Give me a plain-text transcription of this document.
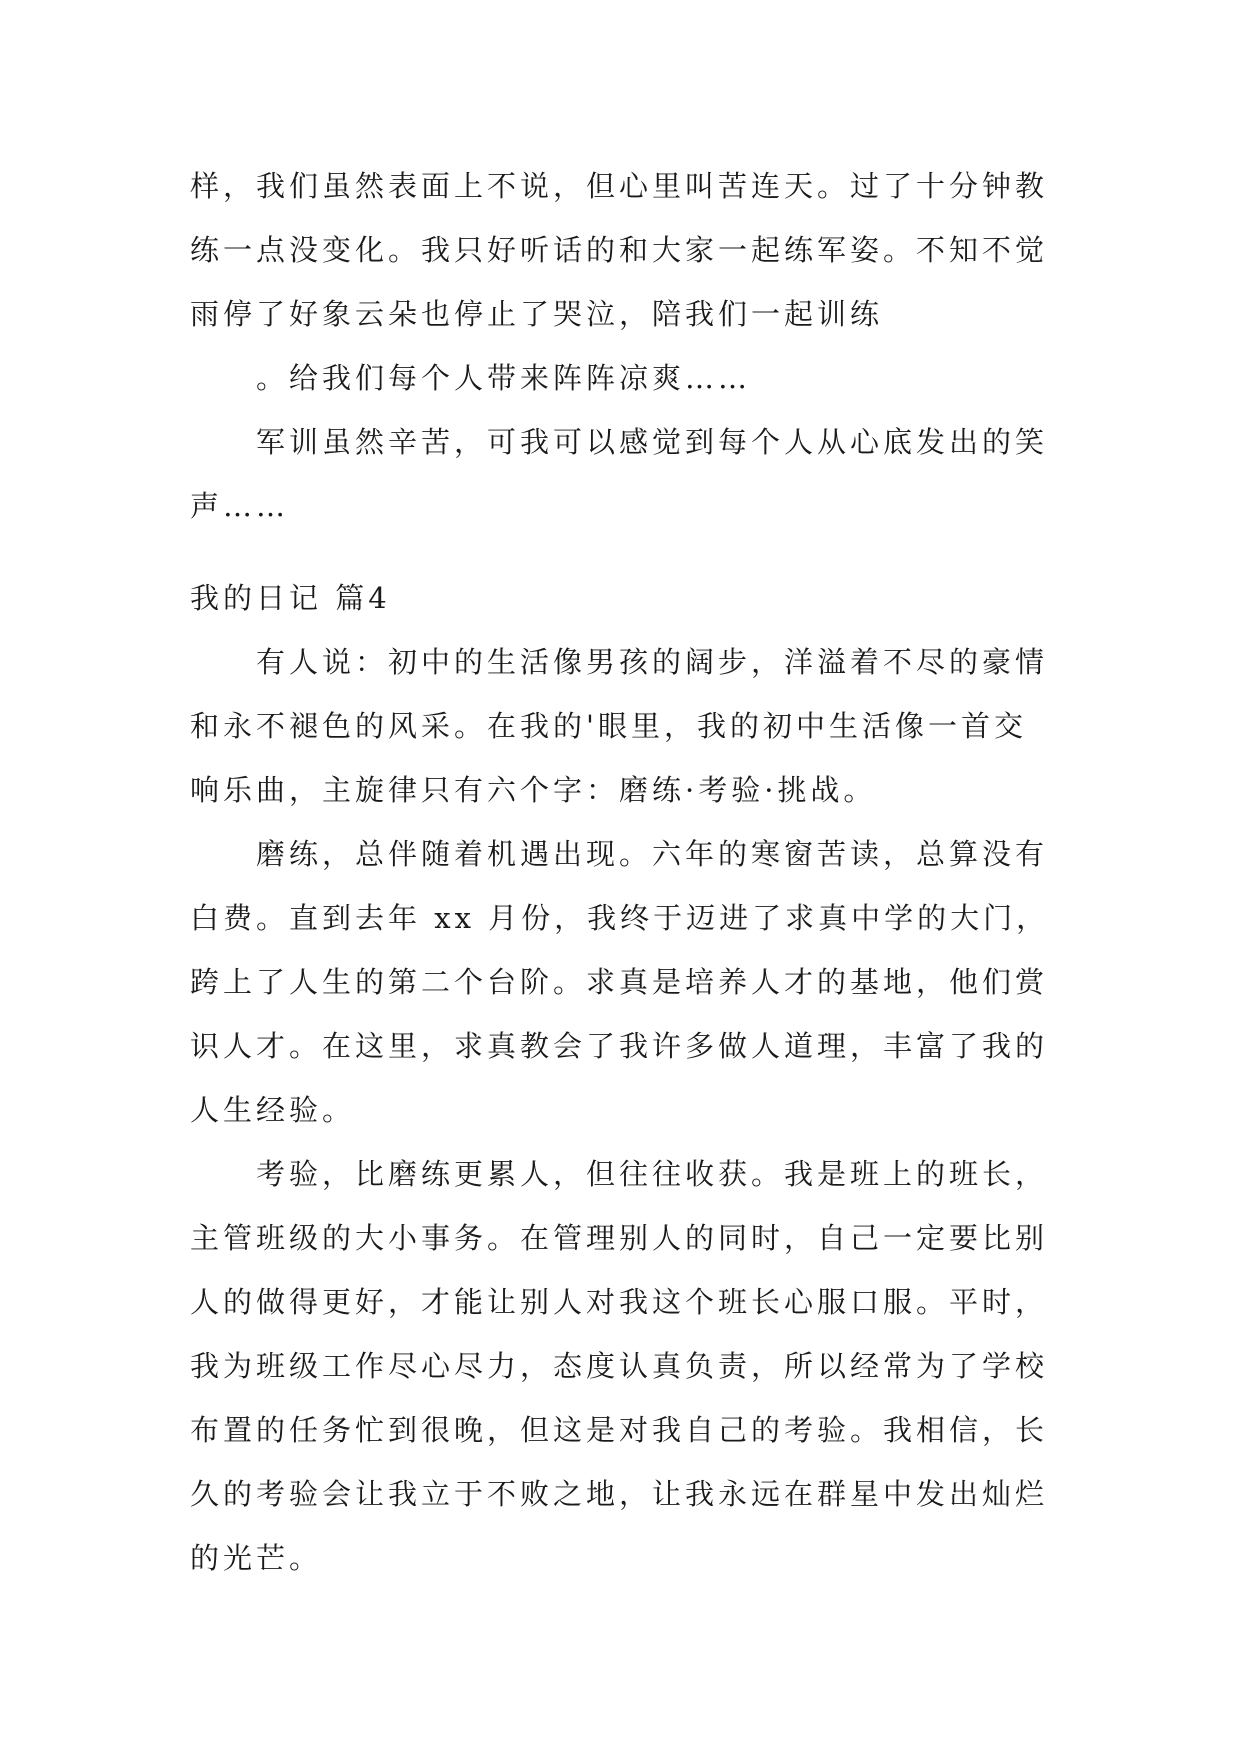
样，我们虽然表面上不说，但心里叫苦连天。过了十分钟教
练一点没变化。我只好听话的和大家一起练军姿。不知不觉
雨停了好象云朵也停止了哭泣，陪我们一起训练
。给我们每个人带来阵阵凉爽……
军训虽然辛苦，可我可以感觉到每个人从心底发出的笑
声……
我的日记 篇4
有人说：初中的生活像男孩的阔步，洋溢着不尽的豪情
和永不褪色的风采。在我的'眼里，我的初中生活像一首交
响乐曲，主旋律只有六个字：磨练·考验·挑战。
磨练，总伴随着机遇出现。六年的寒窗苦读，总算没有
白费。直到去年 xx 月份，我终于迈进了求真中学的大门，
跨上了人生的第二个台阶。求真是培养人才的基地，他们赏
识人才。在这里，求真教会了我许多做人道理，丰富了我的
人生经验。
考验，比磨练更累人，但往往收获。我是班上的班长，
主管班级的大小事务。在管理别人的同时，自己一定要比别
人的做得更好，才能让别人对我这个班长心服口服。平时，
我为班级工作尽心尽力，态度认真负责，所以经常为了学校
布置的任务忙到很晚，但这是对我自己的考验。我相信，长
久的考验会让我立于不败之地，让我永远在群星中发出灿烂
的光芒。
